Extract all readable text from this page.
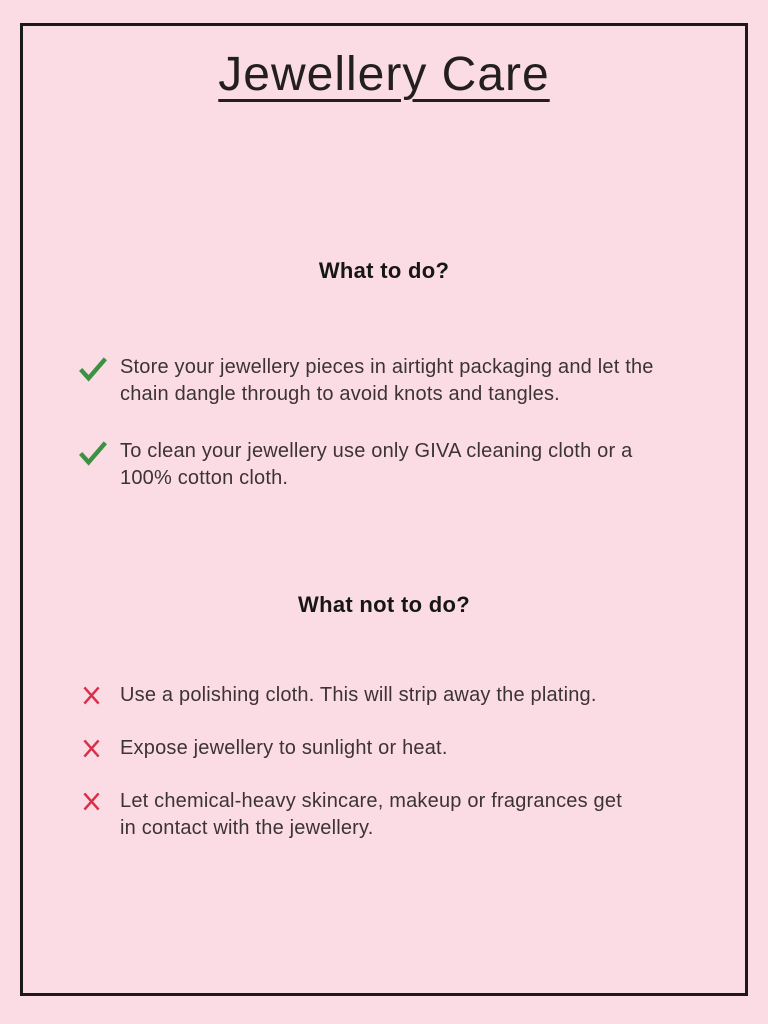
Jewellery Care
What to do?
Store your jewellery pieces in airtight packaging and let the
chain dangle through to avoid knots and tangles.
To clean your jewellery use only GIVA cleaning cloth or a
100% cotton cloth.
What not to do?
Use a polishing cloth. This will strip away the plating.
Expose jewellery to sunlight or heat.
Let chemical-heavy skincare, makeup or fragrances get
in contact with the jewellery.
